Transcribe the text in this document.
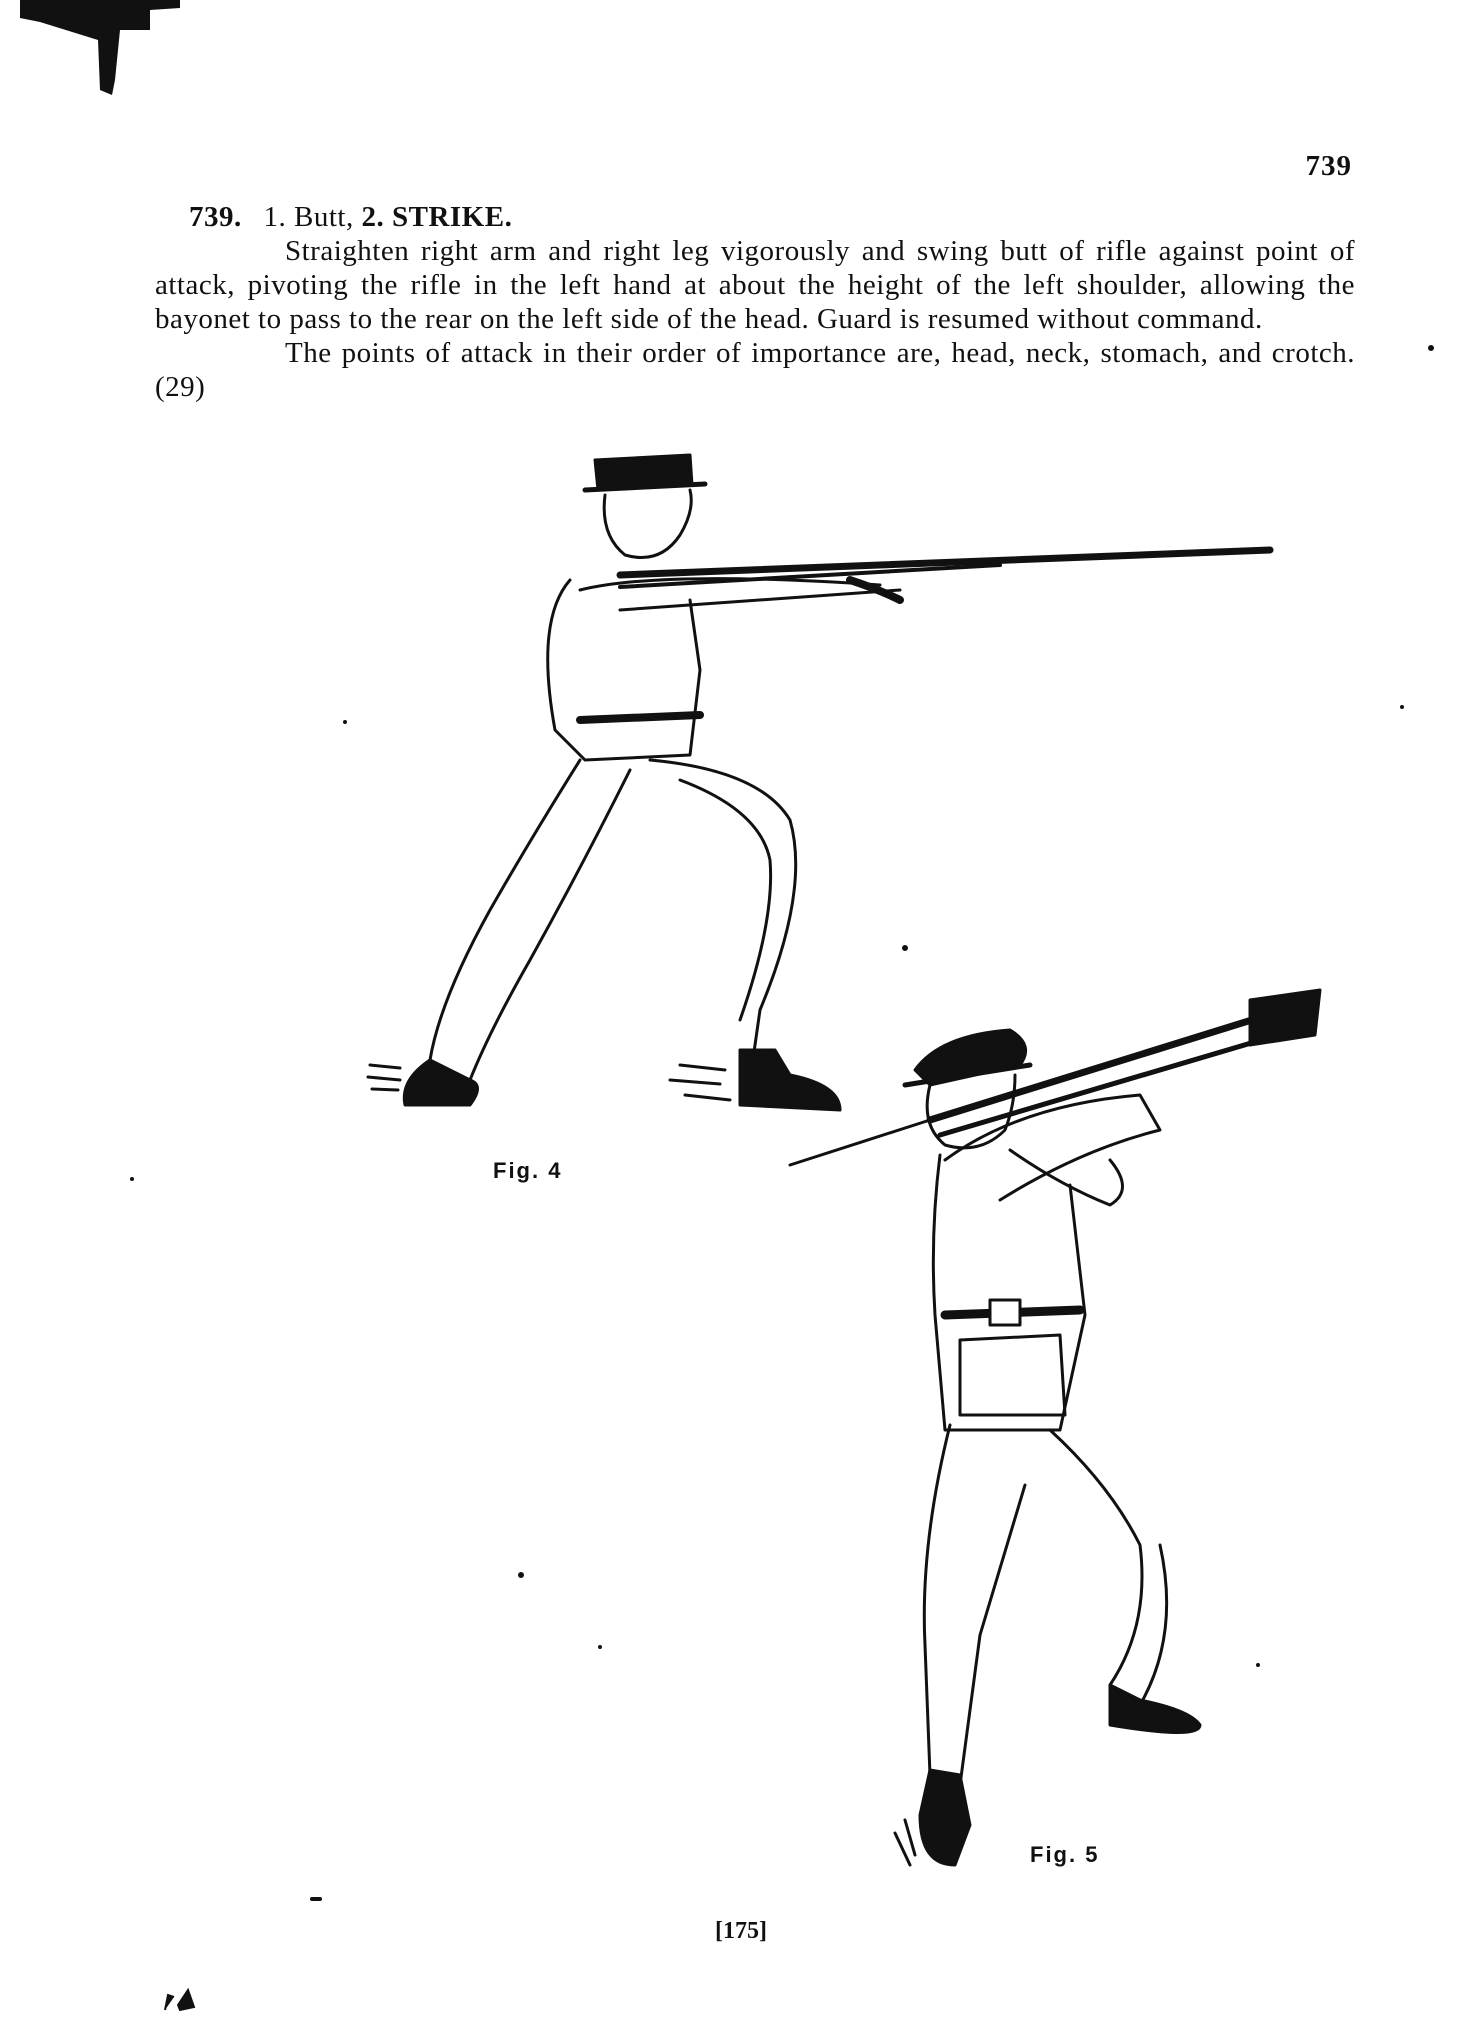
739

739. 1. Butt, 2. STRIKE.

Straighten right arm and right leg vigorously and swing butt of rifle against point of attack, pivoting the rifle in the left hand at about the height of the left shoulder, allowing the bayonet to pass to the rear on the left side of the head. Guard is resumed without command.

The points of attack in their order of importance are, head, neck, stomach, and crotch. (29)

Fig. 4
Fig. 5
[175]
